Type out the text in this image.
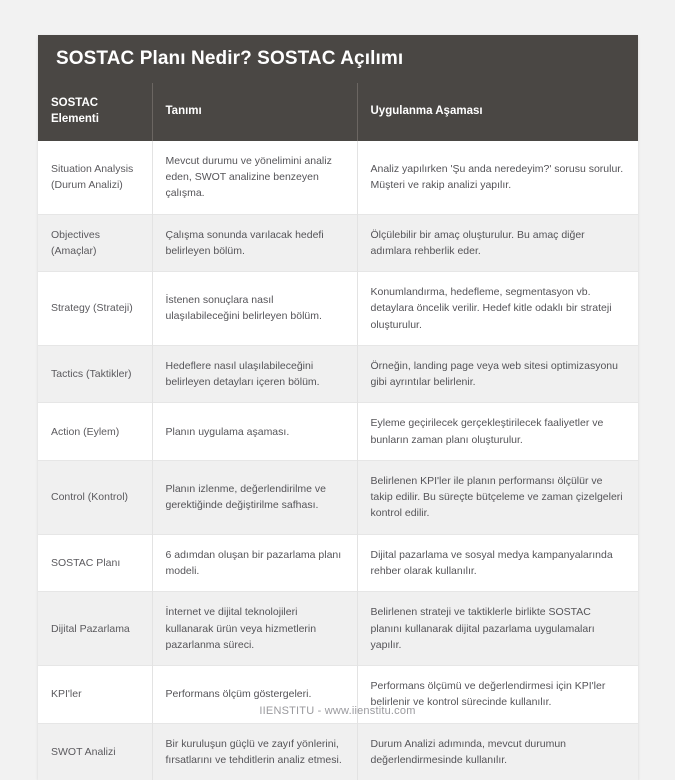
SOSTAC Planı Nedir? SOSTAC Açılımı
SOSTAC Elementi	Tanımı	Uygulanma Aşaması
Situation Analysis (Durum Analizi)	Mevcut durumu ve yönelimini analiz eden, SWOT analizine benzeyen çalışma.	Analiz yapılırken 'Şu anda neredeyim?' sorusu sorulur. Müşteri ve rakip analizi yapılır.
Objectives (Amaçlar)	Çalışma sonunda varılacak hedefi belirleyen bölüm.	Ölçülebilir bir amaç oluşturulur. Bu amaç diğer adımlara rehberlik eder.
Strategy (Strateji)	İstenen sonuçlara nasıl ulaşılabileceğini belirleyen bölüm.	Konumlandırma, hedefleme, segmentasyon vb. detaylara öncelik verilir. Hedef kitle odaklı bir strateji oluşturulur.
Tactics (Taktikler)	Hedeflere nasıl ulaşılabileceğini belirleyen detayları içeren bölüm.	Örneğin, landing page veya web sitesi optimizasyonu gibi ayrıntılar belirlenir.
Action (Eylem)	Planın uygulama aşaması.	Eyleme geçirilecek gerçekleştirilecek faaliyetler ve bunların zaman planı oluşturulur.
Control (Kontrol)	Planın izlenme, değerlendirilme ve gerektiğinde değiştirilme safhası.	Belirlenen KPI'ler ile planın performansı ölçülür ve takip edilir. Bu süreçte bütçeleme ve zaman çizelgeleri kontrol edilir.
SOSTAC Planı	6 adımdan oluşan bir pazarlama planı modeli.	Dijital pazarlama ve sosyal medya kampanyalarında rehber olarak kullanılır.
Dijital Pazarlama	İnternet ve dijital teknolojileri kullanarak ürün veya hizmetlerin pazarlanma süreci.	Belirlenen strateji ve taktiklerle birlikte SOSTAC planını kullanarak dijital pazarlama uygulamaları yapılır.
KPI'ler	Performans ölçüm göstergeleri.	Performans ölçümü ve değerlendirmesi için KPI'ler belirlenir ve kontrol sürecinde kullanılır.
SWOT Analizi	Bir kuruluşun güçlü ve zayıf yönlerini, fırsatlarını ve tehditlerin analiz etmesi.	Durum Analizi adımında, mevcut durumun değerlendirmesinde kullanılır.
IIENSTITU - www.iienstitu.com
